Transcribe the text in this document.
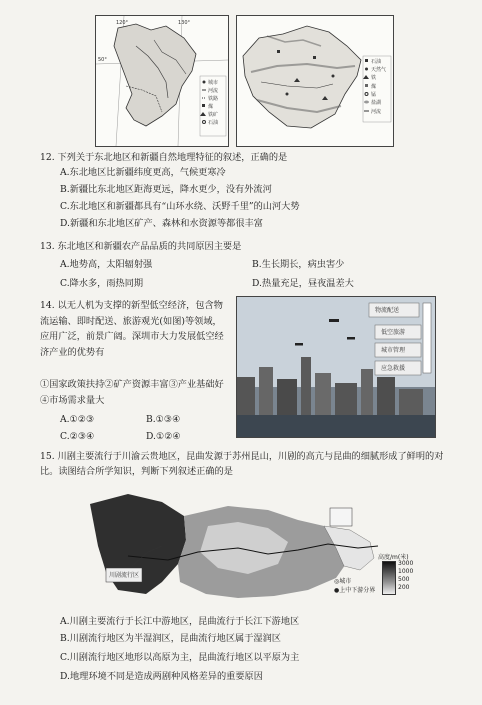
120°	130°
50°
城市
河流
铁路
煤
铁矿
石油
石油
天然气
铁
煤
锰
盐湖
河流
12. 下列关于东北地区和新疆自然地理特征的叙述，正确的是
A.东北地区比新疆纬度更高，气候更寒冷
B.新疆比东北地区距海更远，降水更少，没有外流河
C.东北地区和新疆都具有“山环水绕、沃野千里”的山河大势
D.新疆和东北地区矿产、森林和水资源等都很丰富
13. 东北地区和新疆农产品品质的共同原因主要是
A.地势高，太阳辐射强	B.生长期长，病虫害少
C.降水多，雨热同期	D.热量充足，昼夜温差大
14. 以无人机为支撑的新型低空经济，包含物流运输、即时配送、旅游观光(如图)等领域，应用广泛，前景广阔。深圳市大力发展低空经济产业的优势有
①国家政策扶持②矿产资源丰富③产业基础好④市场需求量大
A.①②③	B.①③④
C.②③④	D.①②④
物流配送
低空旅游
城市管理
应急救援
15. 川剧主要流行于川渝云贵地区，昆曲发源于苏州昆山，川剧的高亢与昆曲的细腻形成了鲜明的对比。读图结合所学知识，判断下列叙述正确的是
川剧流行区
高度/m(米)
3000
1000
500
200
◎城市
●上中下游分界
A.川剧主要流行于长江中游地区，昆曲流行于长江下游地区
B.川剧流行地区为半湿润区，昆曲流行地区属于湿润区
C.川剧流行地区地形以高原为主，昆曲流行地区以平原为主
D.地理环境不同是造成两剧种风格差异的重要原因
